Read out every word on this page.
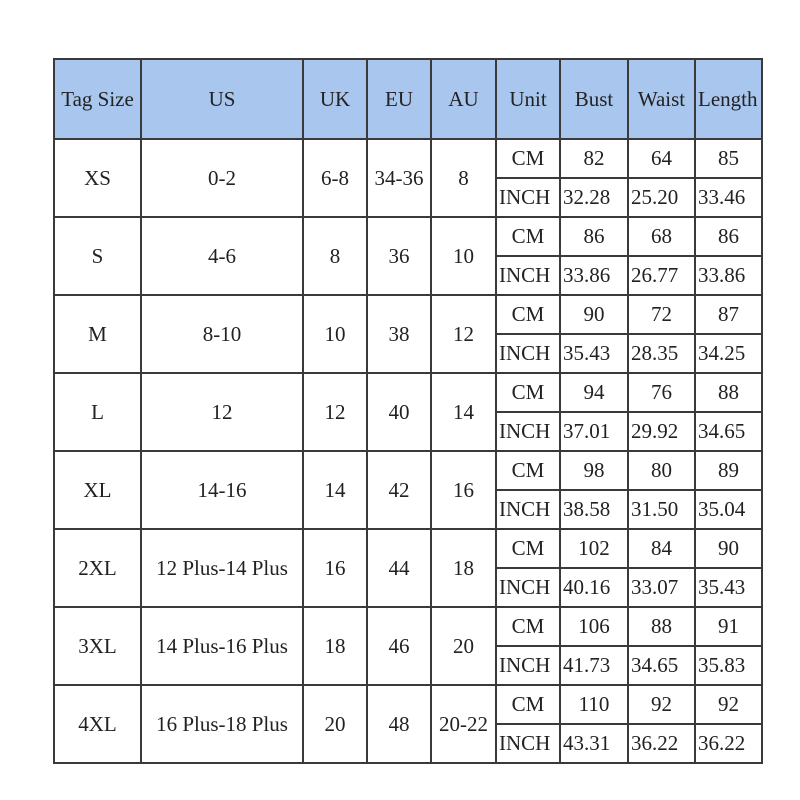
Tag Size	US	UK	EU	AU	Unit	Bust	Waist	Length
XS	0-2	6-8	34-36	8	CM	82	64	85
					INCH	32.28	25.20	33.46
S	4-6	8	36	10	CM	86	68	86
					INCH	33.86	26.77	33.86
M	8-10	10	38	12	CM	90	72	87
					INCH	35.43	28.35	34.25
L	12	12	40	14	CM	94	76	88
					INCH	37.01	29.92	34.65
XL	14-16	14	42	16	CM	98	80	89
					INCH	38.58	31.50	35.04
2XL	12 Plus-14 Plus	16	44	18	CM	102	84	90
					INCH	40.16	33.07	35.43
3XL	14 Plus-16 Plus	18	46	20	CM	106	88	91
					INCH	41.73	34.65	35.83
4XL	16 Plus-18 Plus	20	48	20-22	CM	110	92	92
					INCH	43.31	36.22	36.22
